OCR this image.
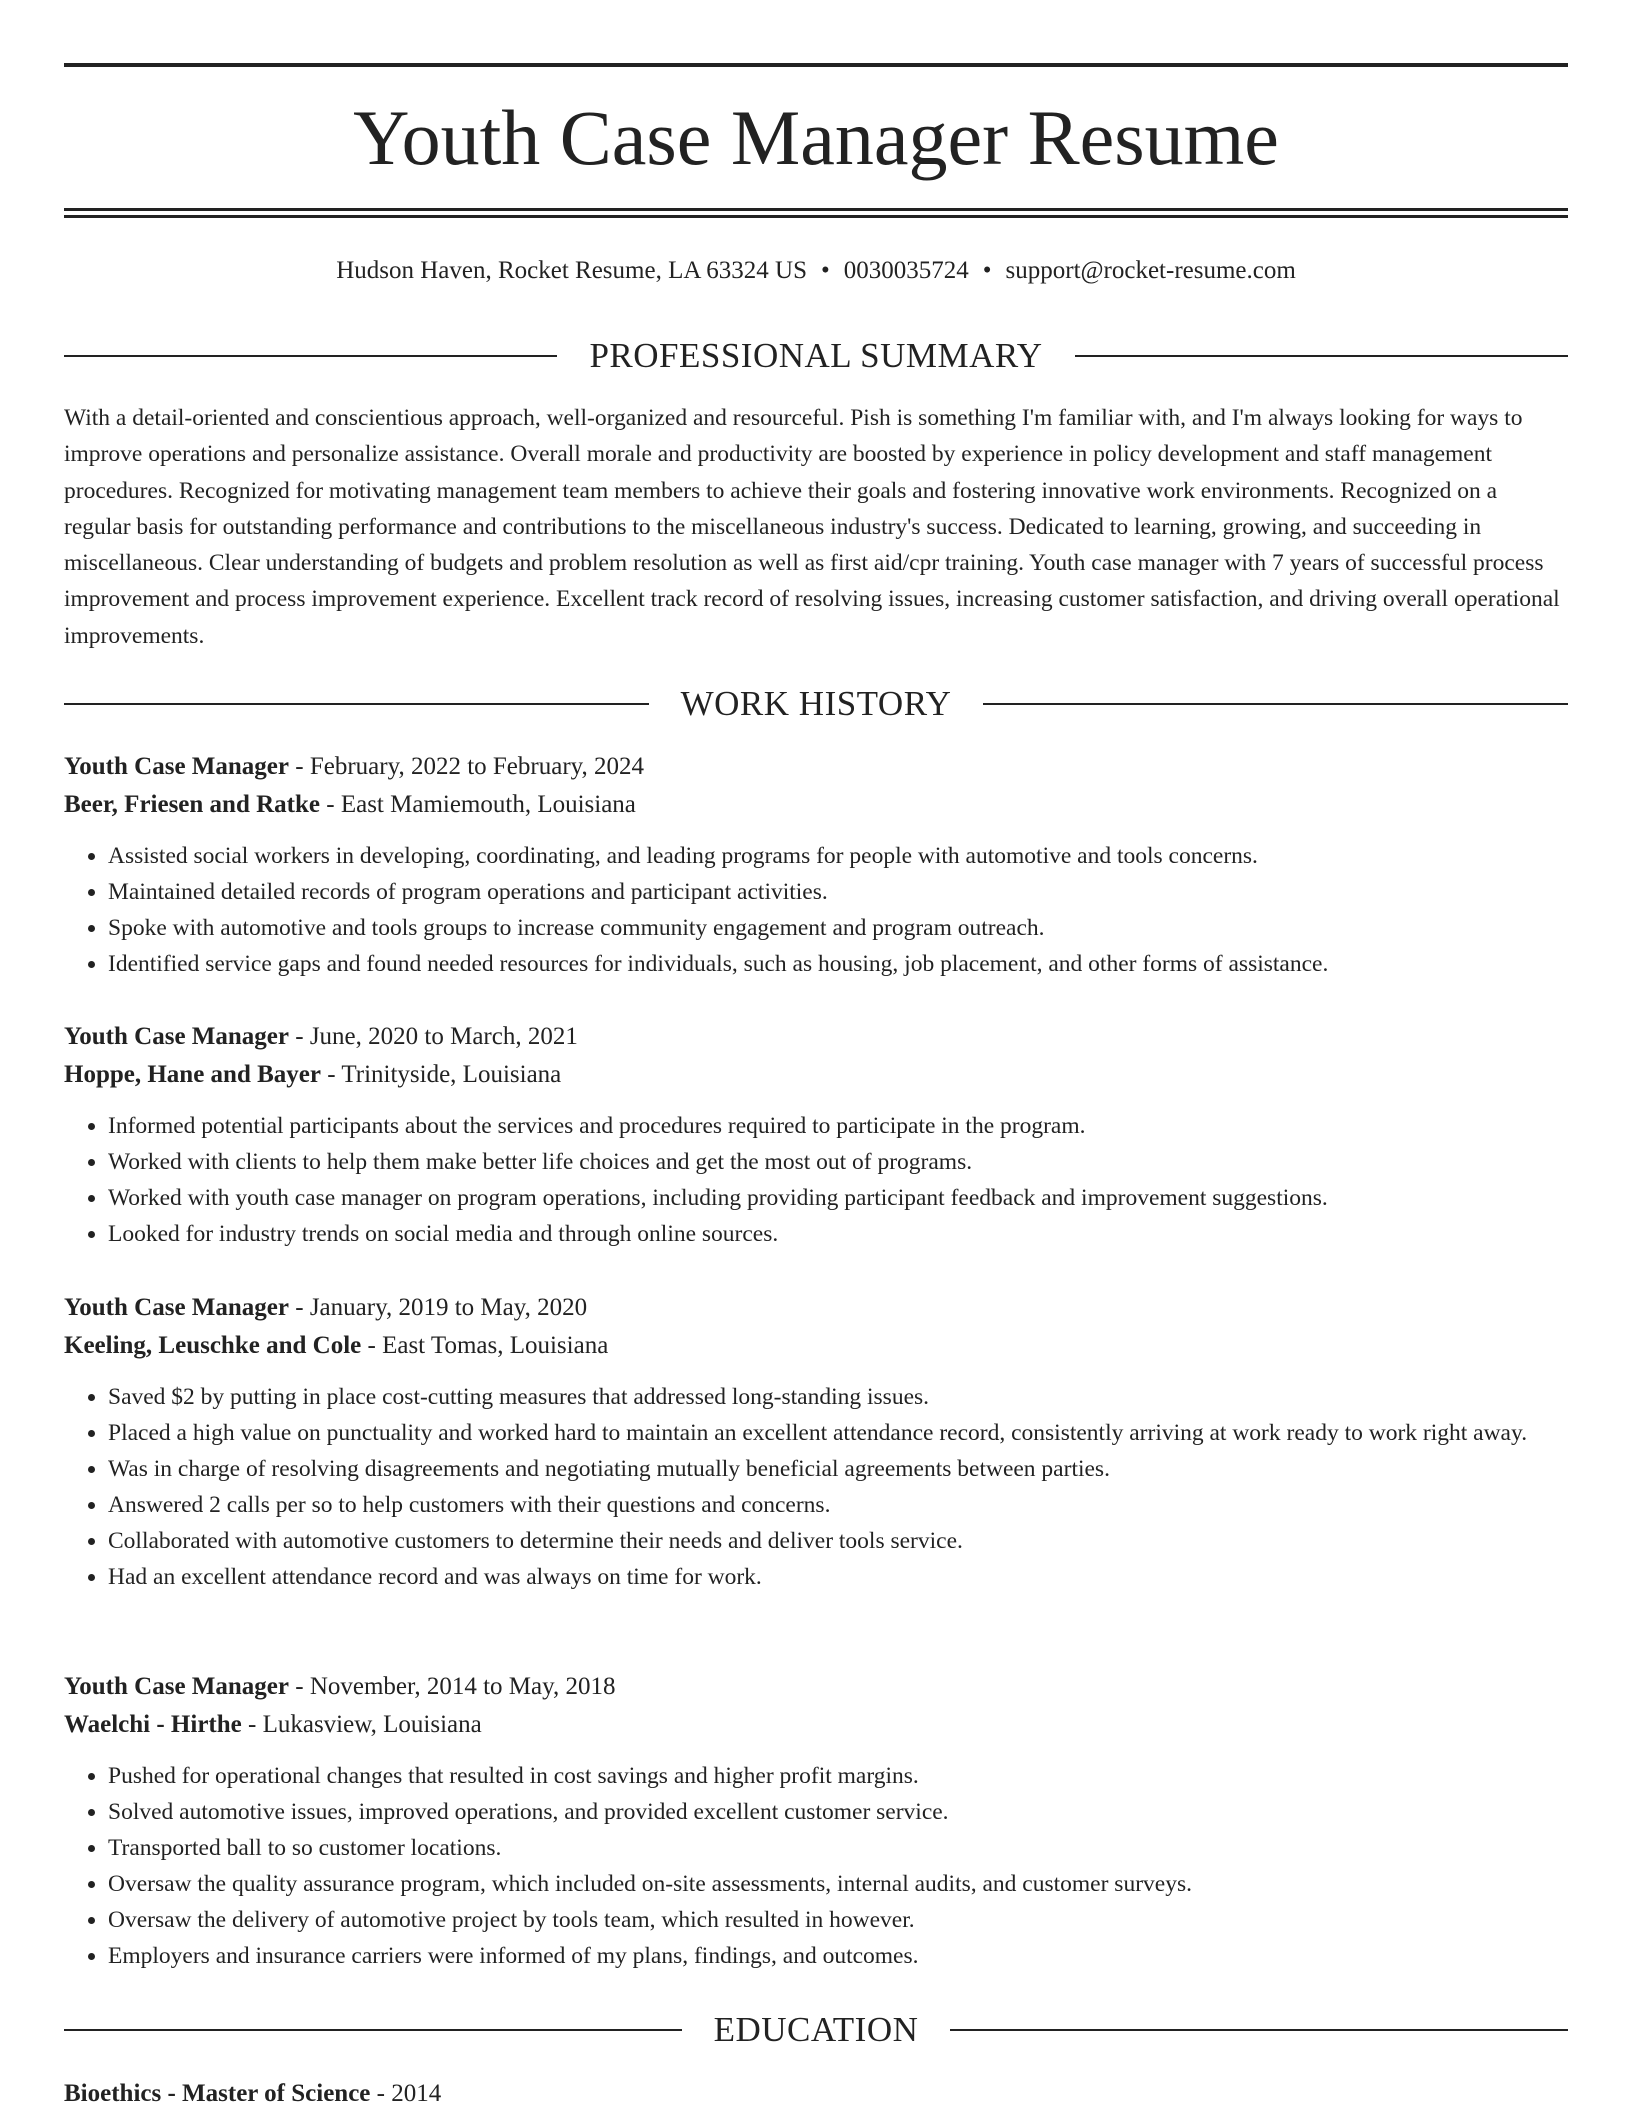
Youth Case Manager Resume
Hudson Haven, Rocket Resume, LA 63324 US • 0030035724 • support@rocket-resume.com
PROFESSIONAL SUMMARY

With a detail-oriented and conscientious approach, well-organized and resourceful. Pish is something I'm familiar with, and I'm always looking for ways to improve operations and personalize assistance. Overall morale and productivity are boosted by experience in policy development and staff management procedures. Recognized for motivating management team members to achieve their goals and fostering innovative work environments. Recognized on a regular basis for outstanding performance and contributions to the miscellaneous industry's success. Dedicated to learning, growing, and succeeding in miscellaneous. Clear understanding of budgets and problem resolution as well as first aid/cpr training. Youth case manager with 7 years of successful process improvement and process improvement experience. Excellent track record of resolving issues, increasing customer satisfaction, and driving overall operational improvements.

WORK HISTORY
Youth Case Manager - February, 2022 to February, 2024
Beer, Friesen and Ratke - East Mamiemouth, Louisiana
• Assisted social workers in developing, coordinating, and leading programs for people with automotive and tools concerns.
• Maintained detailed records of program operations and participant activities.
• Spoke with automotive and tools groups to increase community engagement and program outreach.
• Identified service gaps and found needed resources for individuals, such as housing, job placement, and other forms of assistance.
Youth Case Manager - June, 2020 to March, 2021
Hoppe, Hane and Bayer - Trinityside, Louisiana
• Informed potential participants about the services and procedures required to participate in the program.
• Worked with clients to help them make better life choices and get the most out of programs.
• Worked with youth case manager on program operations, including providing participant feedback and improvement suggestions.
• Looked for industry trends on social media and through online sources.
Youth Case Manager - January, 2019 to May, 2020
Keeling, Leuschke and Cole - East Tomas, Louisiana
• Saved $2 by putting in place cost-cutting measures that addressed long-standing issues.
• Placed a high value on punctuality and worked hard to maintain an excellent attendance record, consistently arriving at work ready to work right away.
• Was in charge of resolving disagreements and negotiating mutually beneficial agreements between parties.
• Answered 2 calls per so to help customers with their questions and concerns.
• Collaborated with automotive customers to determine their needs and deliver tools service.
• Had an excellent attendance record and was always on time for work.
Youth Case Manager - November, 2014 to May, 2018
Waelchi - Hirthe - Lukasview, Louisiana
• Pushed for operational changes that resulted in cost savings and higher profit margins.
• Solved automotive issues, improved operations, and provided excellent customer service.
• Transported ball to so customer locations.
• Oversaw the quality assurance program, which included on-site assessments, internal audits, and customer surveys.
• Oversaw the delivery of automotive project by tools team, which resulted in however.
• Employers and insurance carriers were informed of my plans, findings, and outcomes.
EDUCATION
Bioethics - Master of Science - 2014
